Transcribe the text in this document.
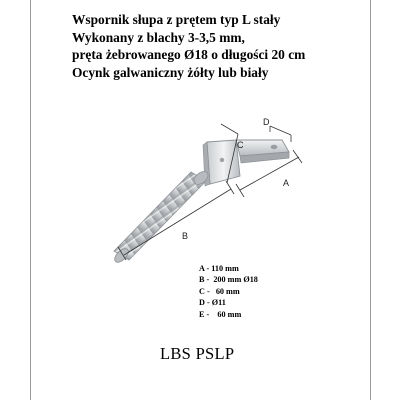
Wspornik słupa z prętem typ L stały
Wykonany z blachy 3-3,5 mm,
pręta żebrowanego Ø18 o długości 20 cm
Ocynk galwaniczny żółty lub biały
C
D
A
B
A - 110 mm
B -  200 mm Ø18
C -   60 mm
D - Ø11
E -    60 mm
LBS PSLP
